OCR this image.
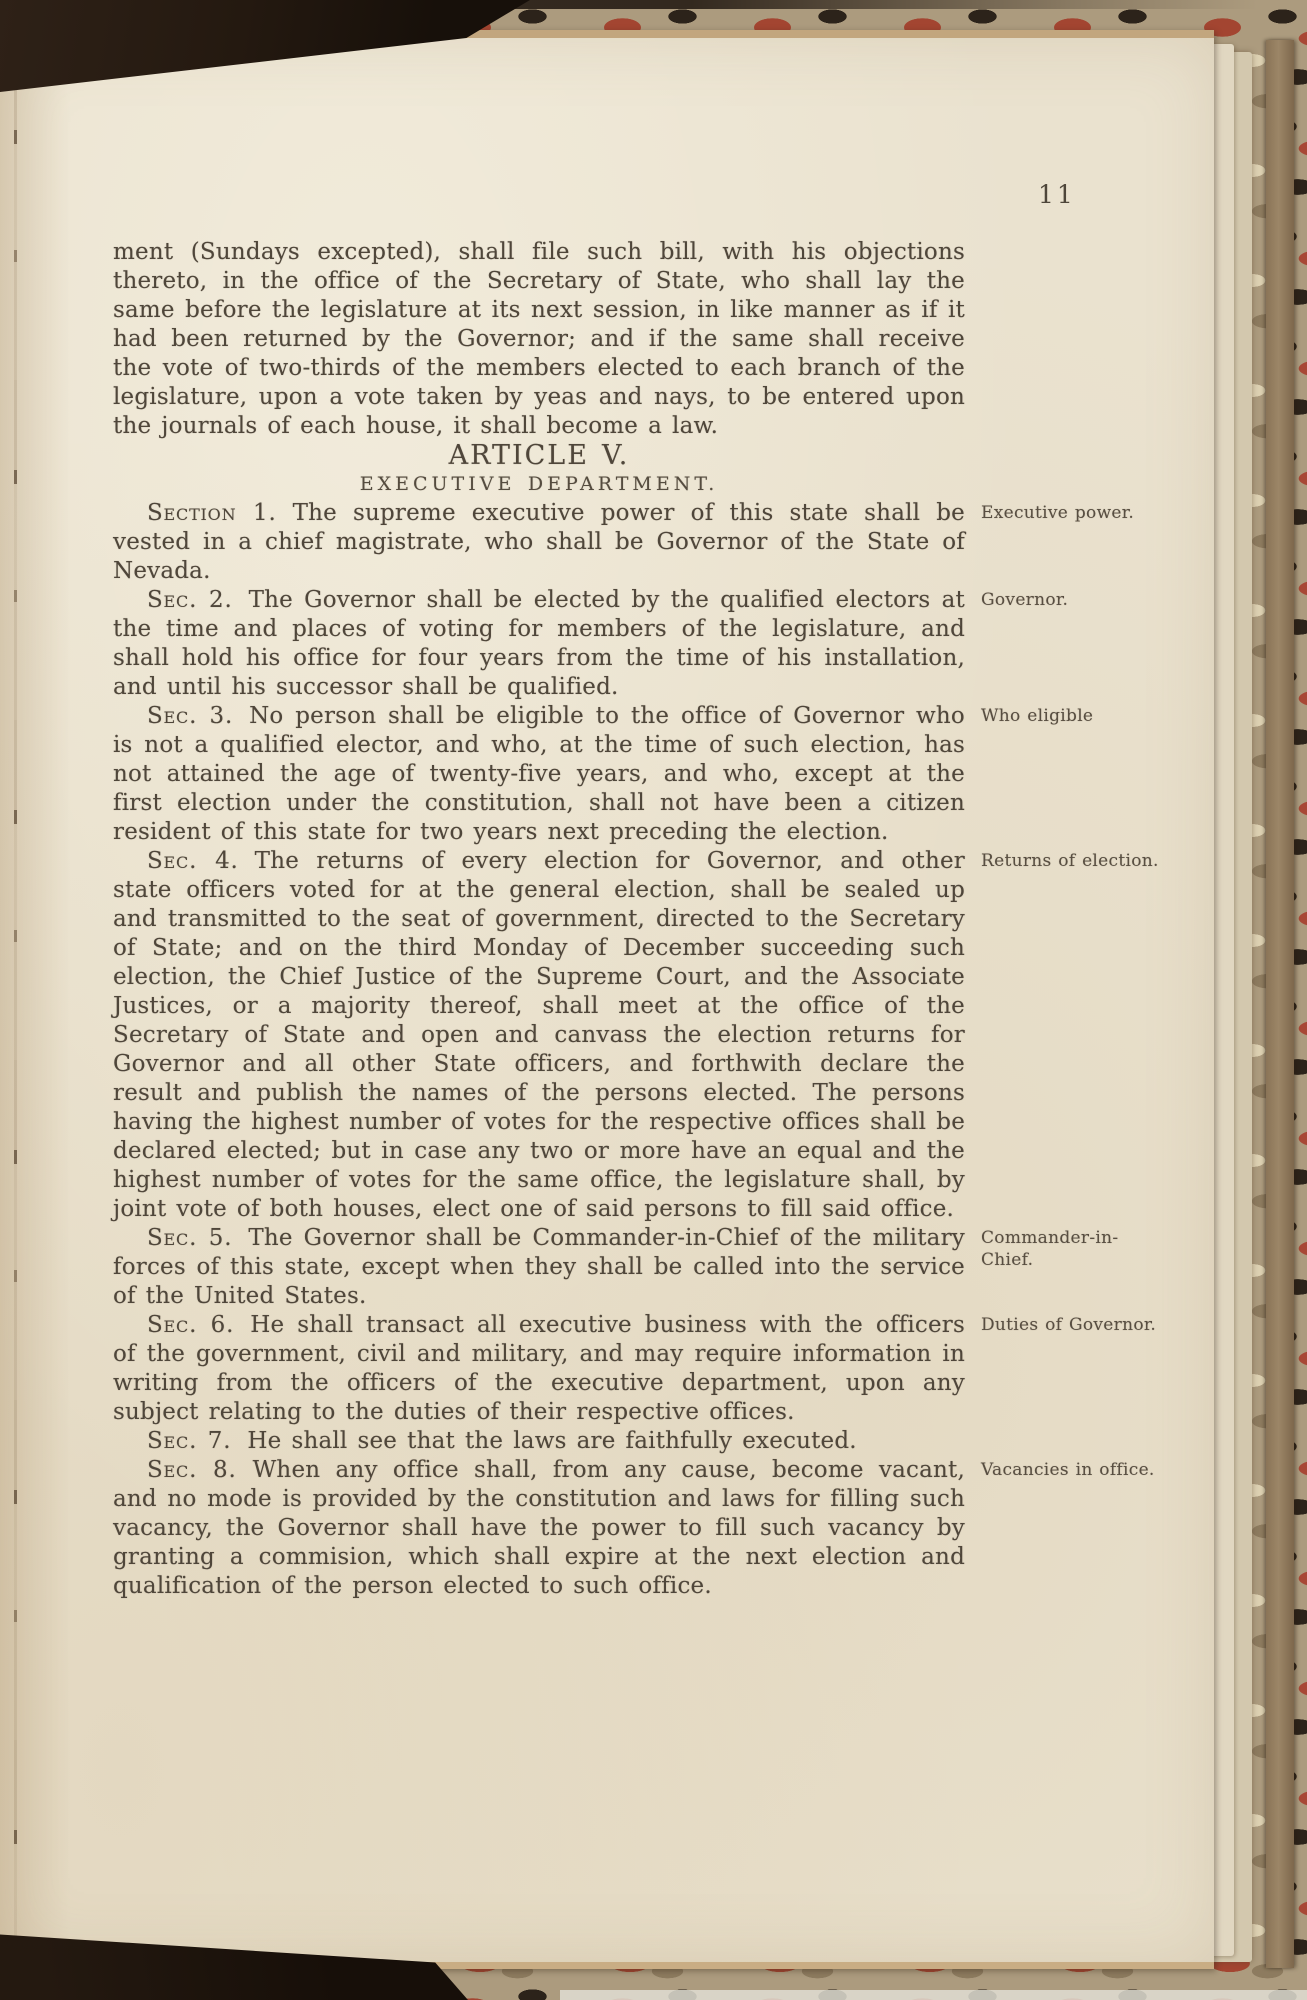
11

ment (Sundays excepted), shall file such bill, with his objections thereto, in the office of the Secretary of State, who shall lay the same before the legislature at its next session, in like manner as if it had been returned by the Governor; and if the same shall receive the vote of two-thirds of the members elected to each branch of the legislature, upon a vote taken by yeas and nays, to be entered upon the journals of each house, it shall become a law.

ARTICLE V.

EXECUTIVE DEPARTMENT.

Section 1. The supreme executive power of this state shall be vested in a chief magistrate, who shall be Governor of the State of Nevada.

Executive power.

Sec. 2. The Governor shall be elected by the qualified electors at the time and places of voting for members of the legislature, and shall hold his office for four years from the time of his installation, and until his successor shall be qualified.

Governor.

Sec. 3. No person shall be eligible to the office of Governor who is not a qualified elector, and who, at the time of such election, has not attained the age of twenty-five years, and who, except at the first election under the constitution, shall not have been a citizen resident of this state for two years next preceding the election.

Who eligible

Sec. 4. The returns of every election for Governor, and other state officers voted for at the general election, shall be sealed up and transmitted to the seat of government, directed to the Secretary of State; and on the third Monday of December succeeding such election, the Chief Justice of the Supreme Court, and the Associate Justices, or a majority thereof, shall meet at the office of the Secretary of State and open and canvass the election returns for Governor and all other State officers, and forthwith declare the result and publish the names of the persons elected. The persons having the highest number of votes for the respective offices shall be declared elected; but in case any two or more have an equal and the highest number of votes for the same office, the legislature shall, by joint vote of both houses, elect one of said persons to fill said office.

Returns of election.

Sec. 5. The Governor shall be Commander-in-Chief of the military forces of this state, except when they shall be called into the service of the United States.

Commander-in-Chief.

Sec. 6. He shall transact all executive business with the officers of the government, civil and military, and may require information in writing from the officers of the executive department, upon any subject relating to the duties of their respective offices.

Duties of Governor.

Sec. 7. He shall see that the laws are faithfully executed.

Sec. 8. When any office shall, from any cause, become vacant, and no mode is provided by the constitution and laws for filling such vacancy, the Governor shall have the power to fill such vacancy by granting a commision, which shall expire at the next election and qualification of the person elected to such office.

Vacancies in office.
